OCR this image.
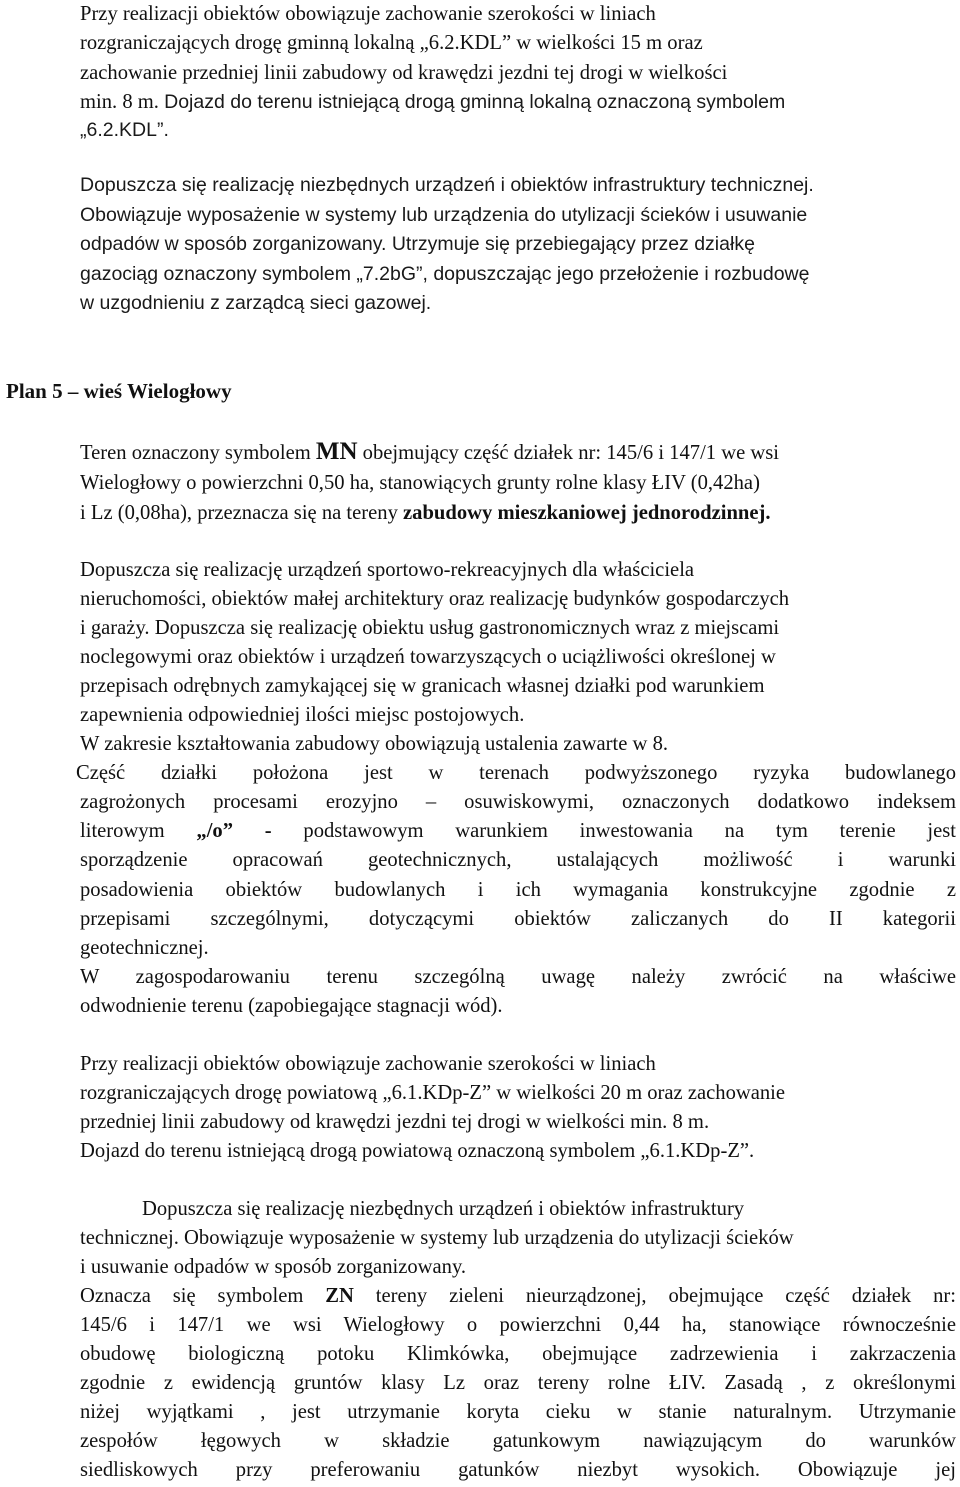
Przy realizacji obiektów obowiązuje zachowanie szerokości w liniach
rozgraniczających drogę gminną lokalną „6.2.KDL” w wielkości 15 m oraz
zachowanie przedniej linii zabudowy od krawędzi jezdni tej drogi w wielkości
min. 8 m. Dojazd do terenu istniejącą drogą gminną lokalną oznaczoną symbolem
„6.2.KDL”.
Dopuszcza się realizację niezbędnych urządzeń i obiektów infrastruktury technicznej.
Obowiązuje wyposażenie w systemy lub urządzenia do utylizacji ścieków i usuwanie
odpadów w sposób zorganizowany. Utrzymuje się przebiegający przez działkę
gazociąg oznaczony symbolem „7.2bG”, dopuszczając jego przełożenie i rozbudowę
w uzgodnieniu z zarządcą sieci gazowej.
Plan 5 – wieś Wielogłowy
Teren oznaczony symbolem MN obejmujący część działek nr: 145/6 i 147/1 we wsi
Wielogłowy o powierzchni 0,50 ha, stanowiących grunty rolne klasy ŁIV (0,42ha)
i Lz (0,08ha), przeznacza się na tereny zabudowy mieszkaniowej jednorodzinnej.
Dopuszcza się realizację urządzeń sportowo-rekreacyjnych dla właściciela
nieruchomości, obiektów małej architektury oraz realizację budynków gospodarczych
i garaży. Dopuszcza się realizację obiektu usług gastronomicznych wraz z miejscami
noclegowymi oraz obiektów i urządzeń towarzyszących o uciążliwości określonej w
przepisach odrębnych zamykającej się w granicach własnej działki pod warunkiem
zapewnienia odpowiedniej ilości miejsc postojowych.
W zakresie kształtowania zabudowy obowiązują ustalenia zawarte w 8.
Część działki położona jest w terenach podwyższonego ryzyka budowlanego
zagrożonych procesami erozyjno – osuwiskowymi, oznaczonych dodatkowo indeksem
literowym „/o” - podstawowym warunkiem inwestowania na tym terenie jest
sporządzenie opracowań geotechnicznych, ustalających możliwość i warunki
posadowienia obiektów budowlanych i ich wymagania konstrukcyjne zgodnie z
przepisami szczególnymi, dotyczącymi obiektów zaliczanych do II kategorii
geotechnicznej.
W zagospodarowaniu terenu szczególną uwagę należy zwrócić na właściwe
odwodnienie terenu (zapobiegające stagnacji wód).
Przy realizacji obiektów obowiązuje zachowanie szerokości w liniach
rozgraniczających drogę powiatową „6.1.KDp-Z” w wielkości 20 m oraz zachowanie
przedniej linii zabudowy od krawędzi jezdni tej drogi w wielkości min. 8 m.
Dojazd do terenu istniejącą drogą powiatową oznaczoną symbolem „6.1.KDp-Z”.
Dopuszcza się realizację niezbędnych urządzeń i obiektów infrastruktury
technicznej. Obowiązuje wyposażenie w systemy lub urządzenia do utylizacji ścieków
i usuwanie odpadów w sposób zorganizowany.
Oznacza się symbolem ZN tereny zieleni nieurządzonej, obejmujące część działek nr:
145/6 i 147/1 we wsi Wielogłowy o powierzchni 0,44 ha, stanowiące równocześnie
obudowę biologiczną potoku Klimkówka, obejmujące zadrzewienia i zakrzaczenia
zgodnie z ewidencją gruntów klasy Lz oraz tereny rolne ŁIV. Zasadą , z określonymi
niżej wyjątkami , jest utrzymanie koryta cieku w stanie naturalnym. Utrzymanie
zespołów łęgowych w składzie gatunkowym nawiązującym do warunków
siedliskowych przy preferowaniu gatunków niezbyt wysokich. Obowiązuje jej
